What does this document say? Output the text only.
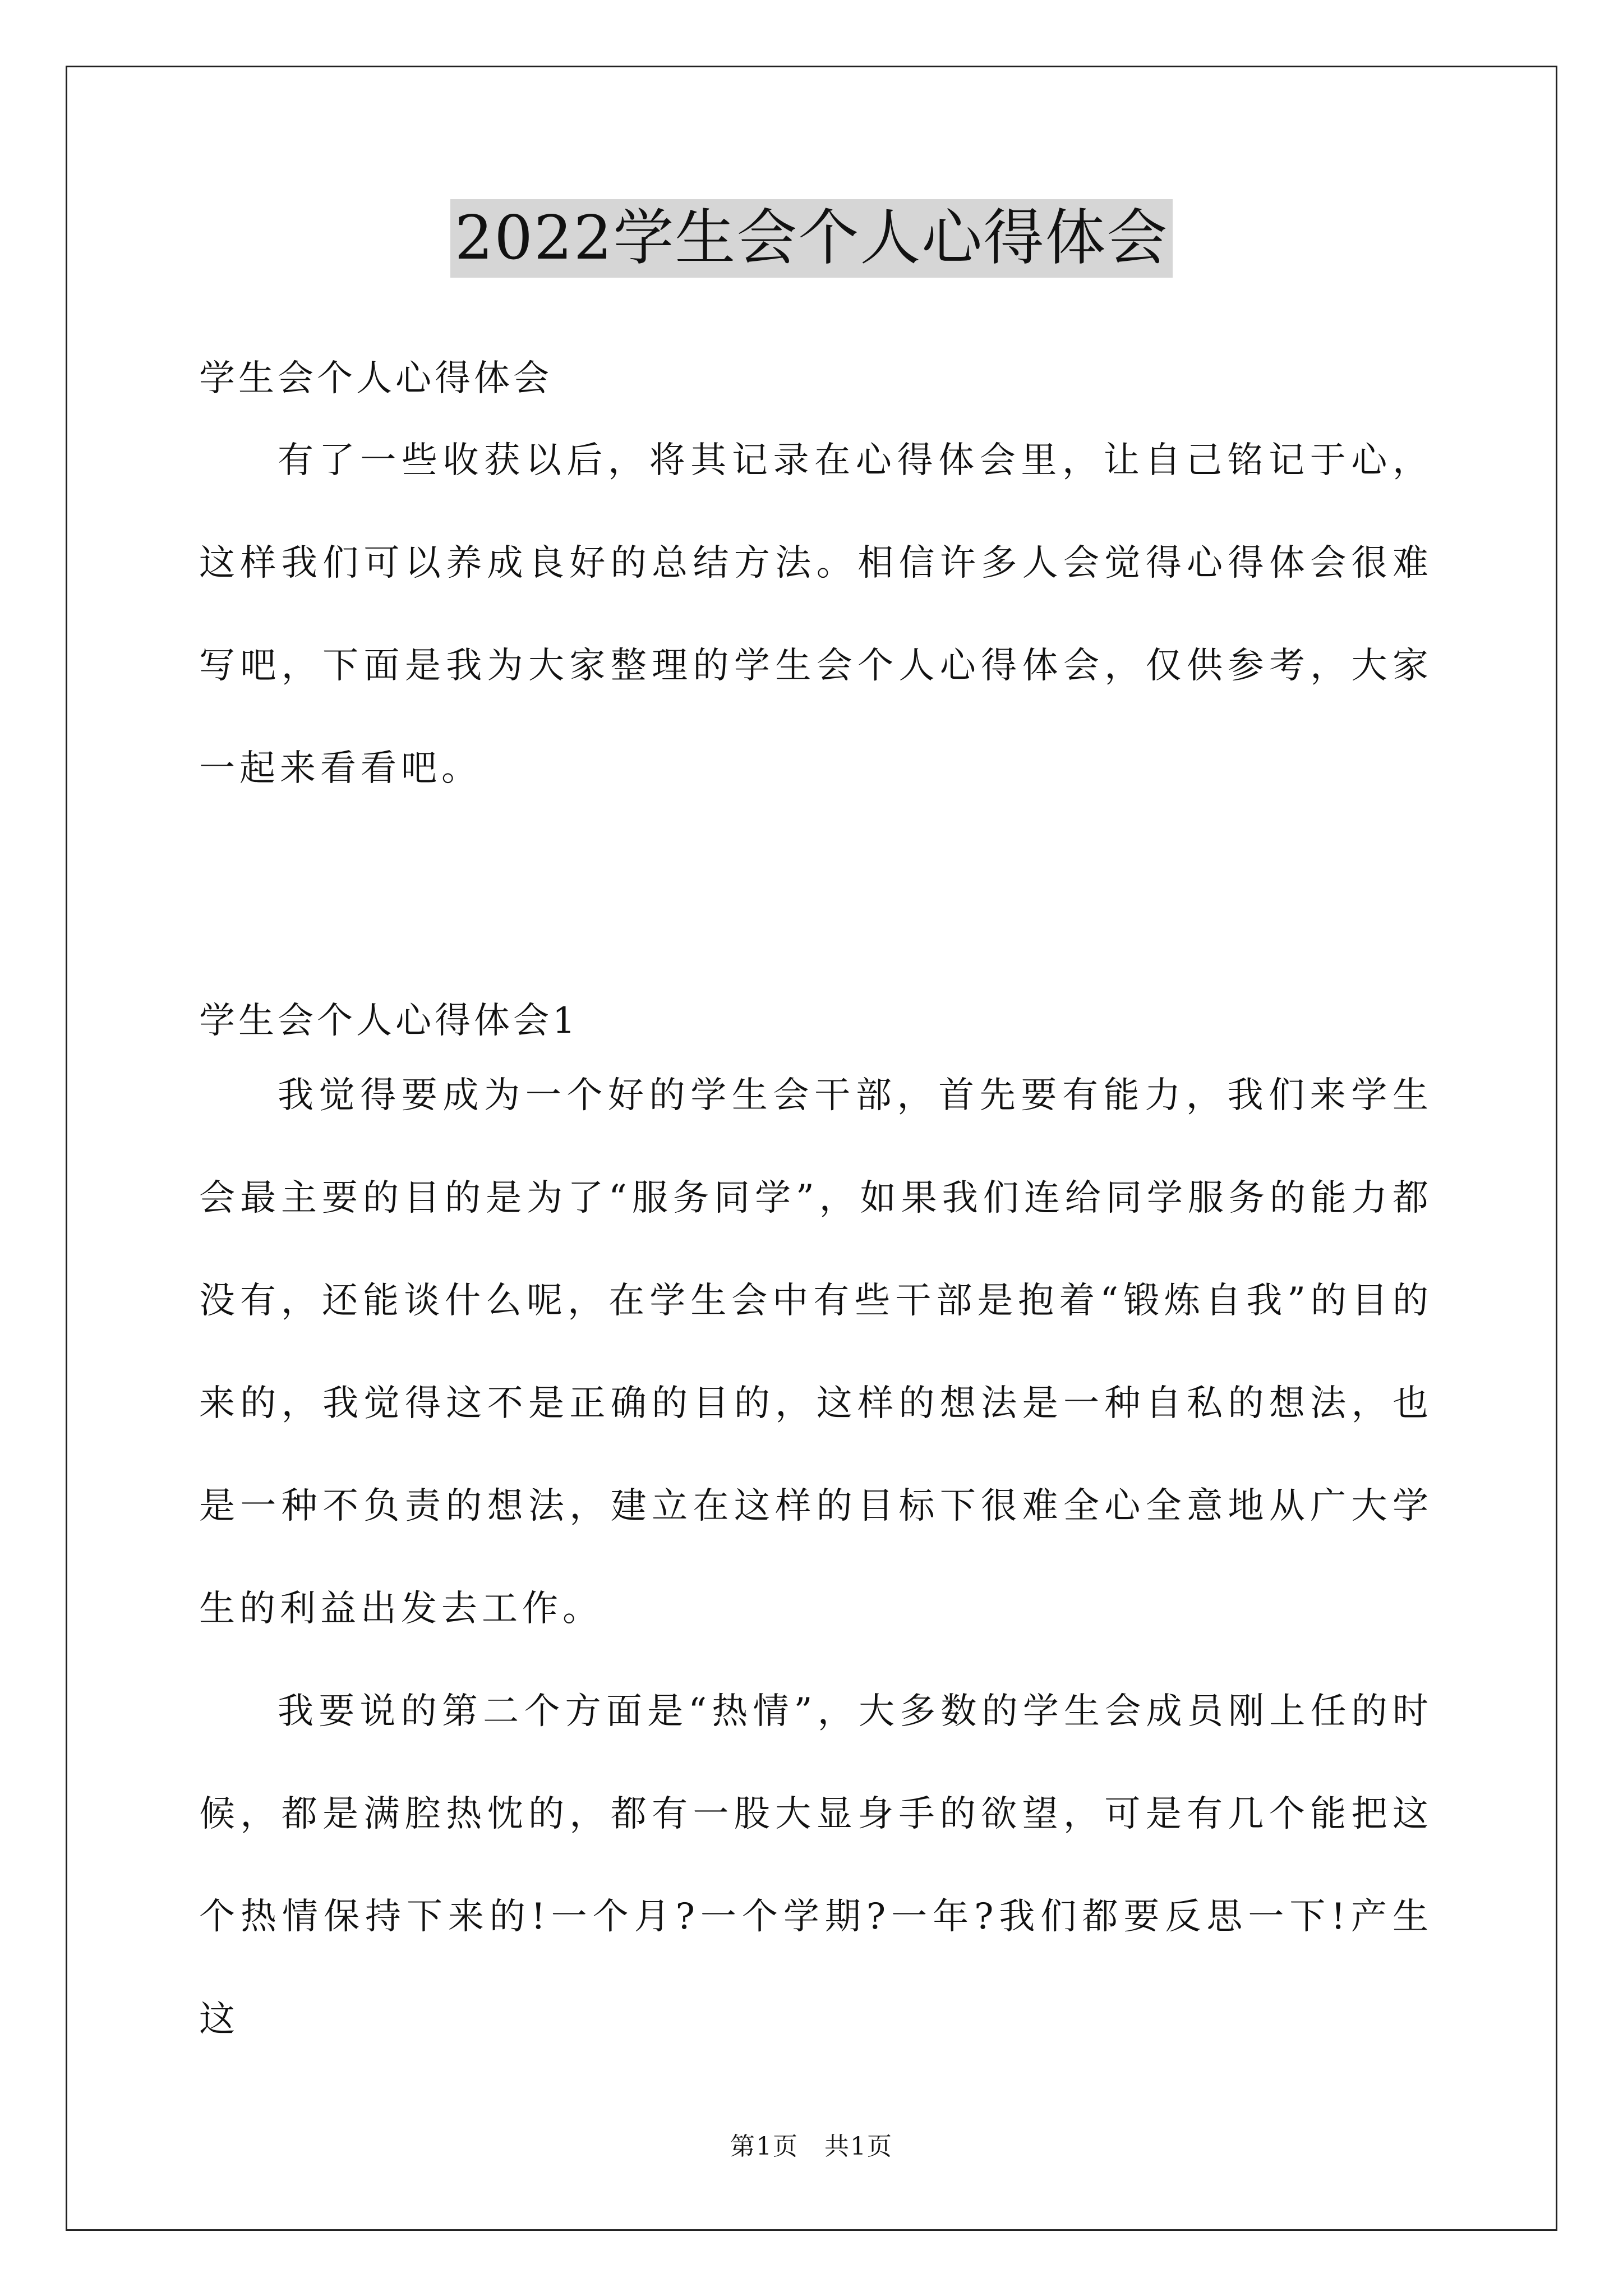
2022学生会个人心得体会
学生会个人心得体会

有了一些收获以后，将其记录在心得体会里，让自己铭记于心，这样我们可以养成良好的总结方法。相信许多人会觉得心得体会很难写吧，下面是我为大家整理的学生会个人心得体会，仅供参考，大家一起来看看吧。

学生会个人心得体会1

我觉得要成为一个好的学生会干部，首先要有能力，我们来学生会最主要的目的是为了“服务同学”，如果我们连给同学服务的能力都没有，还能谈什么呢，在学生会中有些干部是抱着“锻炼自我”的目的来的，我觉得这不是正确的目的，这样的想法是一种自私的想法，也是一种不负责的想法，建立在这样的目标下很难全心全意地从广大学生的利益出发去工作。

我要说的第二个方面是“热情”，大多数的学生会成员刚上任的时候，都是满腔热忱的，都有一股大显身手的欲望，可是有几个能把这个热情保持下来的!一个月?一个学期?一年?我们都要反思一下!产生这

第1页　共1页
